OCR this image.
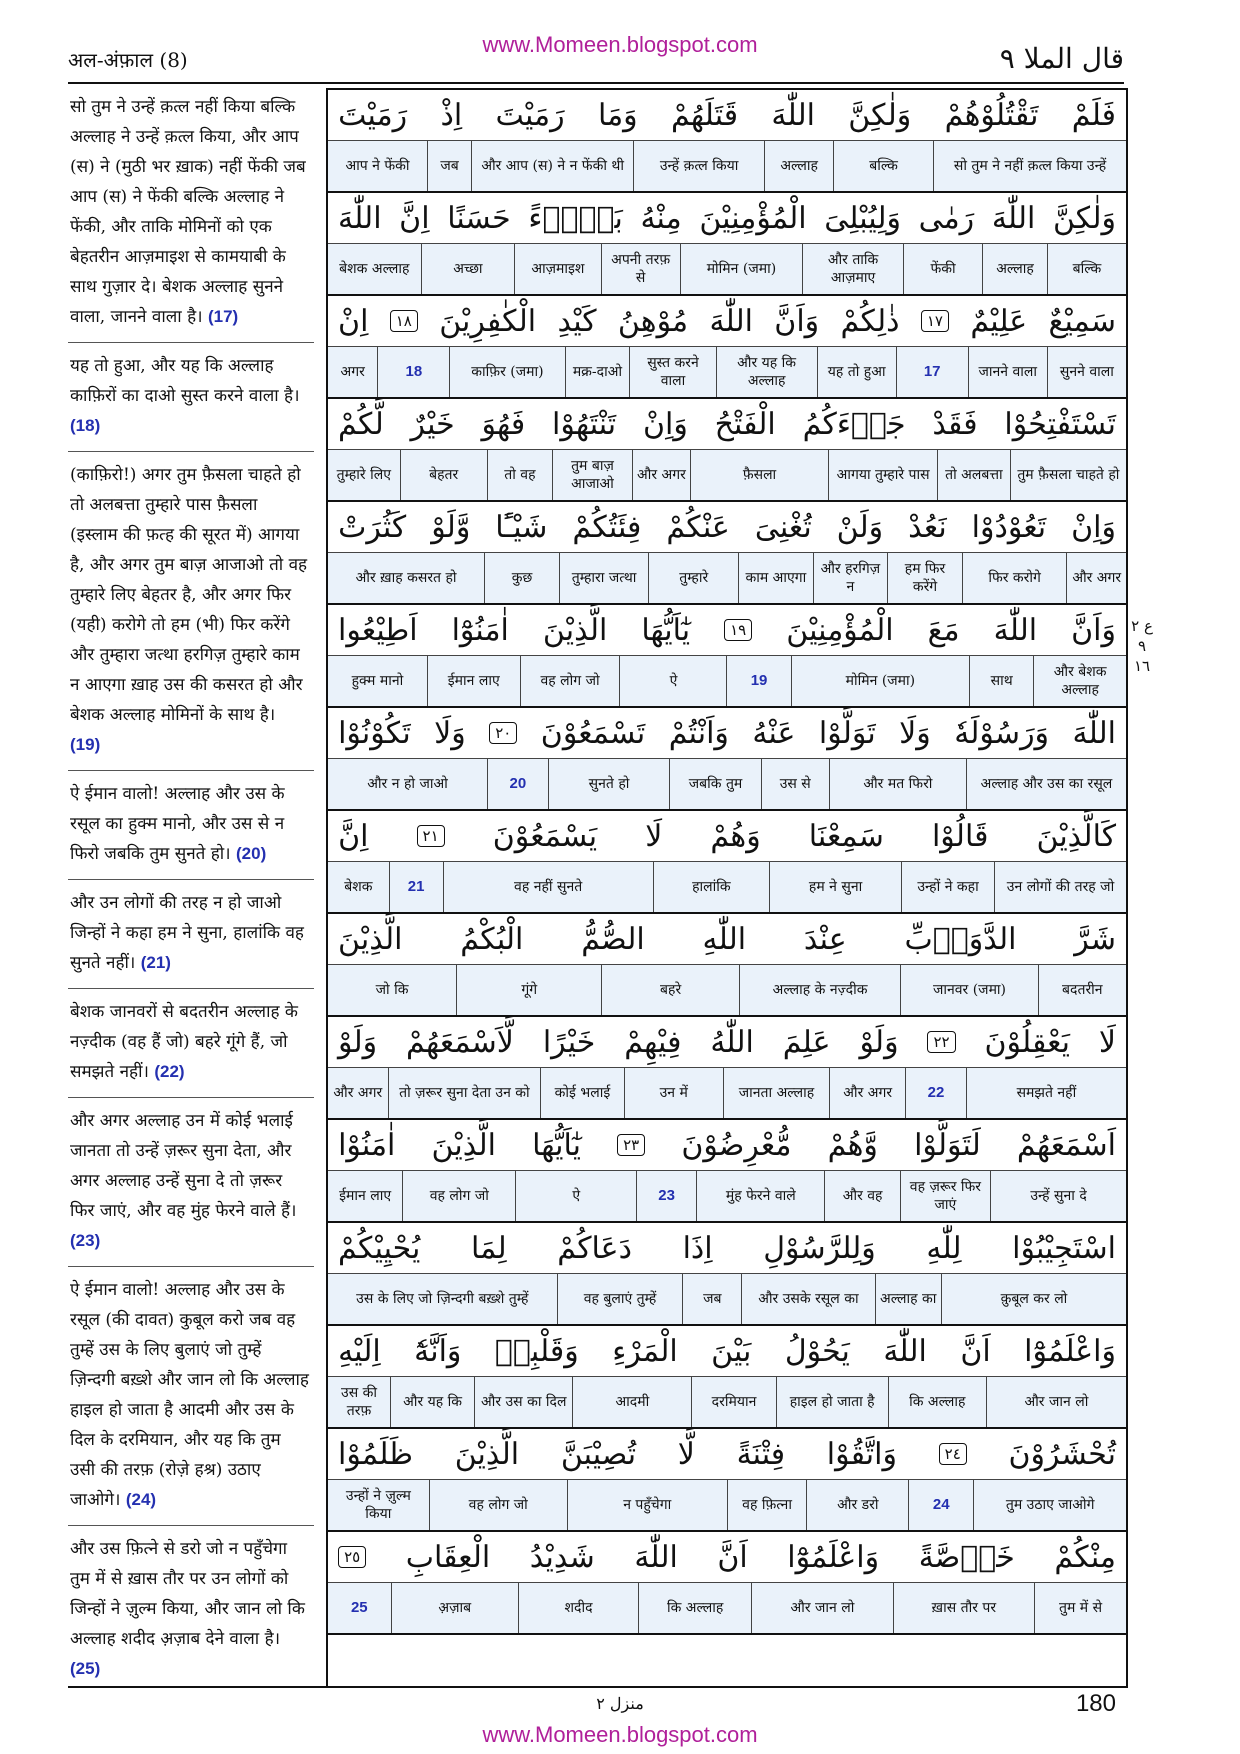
अल-अंफ़ाल (8)
www.Momeen.blogspot.com	قال الملا ٩

सो तुम ने उन्हें क़त्ल नहीं किया बल्कि अल्लाह ने उन्हें क़त्ल किया, और आप (स) ने (मुठी भर ख़ाक) नहीं फेंकी जब आप (स) ने फेंकी बल्कि अल्लाह ने फेंकी, और ताकि मोमिनों को एक बेहतरीन आज़माइश से कामयाबी के साथ गुज़ार दे। बेशक अल्लाह सुनने वाला, जानने वाला है। (17)

यह तो हुआ, और यह कि अल्लाह काफ़िरों का दाओ सुस्त करने वाला है। (18)

(काफ़िरो!) अगर तुम फ़ैसला चाहते हो तो अलबत्ता तुम्हारे पास फ़ैसला (इस्लाम की फ़त्ह की सूरत में) आगया है, और अगर तुम बाज़ आजाओ तो वह तुम्हारे लिए बेहतर है, और अगर फिर (यही) करोगे तो हम (भी) फिर करेंगे और तुम्हारा जत्था हरगिज़ तुम्हारे काम न आएगा ख़ाह उस की कसरत हो और बेशक अल्लाह मोमिनों के साथ है। (19)

ऐ ईमान वालो! अल्लाह और उस के रसूल का हुक्म मानो, और उस से न फिरो जबकि तुम सुनते हो। (20)

और उन लोगों की तरह न हो जाओ जिन्हों ने कहा हम ने सुना, हालांकि वह सुनते नहीं। (21)

बेशक जानवरों से बदतरीन अल्लाह के नज़्दीक (वह हैं जो) बहरे गूंगे हैं, जो समझते नहीं। (22)

और अगर अल्लाह उन में कोई भलाई जानता तो उन्हें ज़रूर सुना देता, और अगर अल्लाह उन्हें सुना दे तो ज़रूर फिर जाएं, और वह मुंह फेरने वाले हैं। (23)

ऐ ईमान वालो! अल्लाह और उस के रसूल (की दावत) कुबूल करो जब वह तुम्हें उस के लिए बुलाएं जो तुम्हें ज़िन्दगी बख़्शे और जान लो कि अल्लाह हाइल हो जाता है आदमी और उस के दिल के दरमियान, और यह कि तुम उसी की तरफ़ (रोज़े हश्र) उठाए जाओगे। (24)

और उस फ़ित्ने से डरो जो न पहुँचेगा तुम में से ख़ास तौर पर उन लोगों को जिन्हों ने ज़ुल्म किया, और जान लो कि अल्लाह शदीद अ़ज़ाब देने वाला है। (25)

فَلَمْ
تَقْتُلُوْهُمْ
وَلٰكِنَّ
اللّٰهَ
قَتَلَهُمْ
وَمَا
رَمَيْتَ
اِذْ
رَمَيْتَ
सो तुम ने नहीं क़त्ल किया उन्हें
बल्कि
अल्लाह
उन्हें क़त्ल किया
और आप (स) ने न फेंकी थी
जब
आप ने फेंकी
وَلٰكِنَّ
اللّٰهَ
رَمٰى
وَلِيُبْلِىَ
الْمُؤْمِنِيْنَ
مِنْهُ
بَلَاۗءً
حَسَنًا
اِنَّ
اللّٰهَ
बल्कि
अल्लाह
फेंकी
और ताकि आज़माए
मोमिन (जमा)
अपनी तरफ़ से
आज़माइश
अच्छा
बेशक अल्लाह
سَمِيْعٌ
عَلِيْمٌ
١٧
ذٰلِكُمْ
وَاَنَّ
اللّٰهَ
مُوْهِنُ
كَيْدِ
الْكٰفِرِيْنَ
١٨
اِنْ
सुनने वाला
जानने वाला
17
यह तो हुआ
और यह कि अल्लाह
सुस्त करने वाला
मक्र-दाओ
काफ़िर (जमा)
18
अगर
تَسْتَفْتِحُوْا
فَقَدْ
جَاۗءَكُمُ
الْفَتْحُ
وَاِنْ
تَنْتَهُوْا
فَهُوَ
خَيْرٌ
لَّكُمْ
तुम फ़ैसला चाहते हो
तो अलबत्ता
आगया तुम्हारे पास
फ़ैसला
और अगर
तुम बाज़ आजाओ
तो वह
बेहतर
तुम्हारे लिए
وَاِنْ
تَعُوْدُوْا
نَعُدْ
وَلَنْ
تُغْنِىَ
عَنْكُمْ
فِئَتُكُمْ
شَيْـًٔا
وَّلَوْ
كَثُرَتْ
और अगर
फिर करोगे
हम फिर करेंगे
और हरगिज़ न
काम आएगा
तुम्हारे
तुम्हारा जत्था
कुछ
और ख़ाह कसरत हो
وَاَنَّ
اللّٰهَ
مَعَ
الْمُؤْمِنِيْنَ
١٩
يٰٓاَيُّهَا
الَّذِيْنَ
اٰمَنُوْٓا
اَطِيْعُوا
और बेशक अल्लाह
साथ
मोमिन (जमा)
19
ऐ
वह लोग जो
ईमान लाए
हुक्म मानो
اللّٰهَ
وَرَسُوْلَهٗ
وَلَا
تَوَلَّوْا
عَنْهُ
وَاَنْتُمْ
تَسْمَعُوْنَ
٢٠
وَلَا
تَكُوْنُوْا
अल्लाह और उस का रसूल
और मत फिरो
उस से
जबकि तुम
सुनते हो
20
और न हो जाओ
كَالَّذِيْنَ
قَالُوْا
سَمِعْنَا
وَهُمْ
لَا
يَسْمَعُوْنَ
٢١
اِنَّ
उन लोगों की तरह जो
उन्हों ने कहा
हम ने सुना
हालांकि
वह नहीं सुनते
21
बेशक
شَرَّ
الدَّوَاۗبِّ
عِنْدَ
اللّٰهِ
الصُّمُّ
الْبُكْمُ
الَّذِيْنَ
बदतरीन
जानवर (जमा)
अल्लाह के नज़्दीक
बहरे
गूंगे
जो कि
لَا
يَعْقِلُوْنَ
٢٢
وَلَوْ
عَلِمَ
اللّٰهُ
فِيْهِمْ
خَيْرًا
لَّاَسْمَعَهُمْ
وَلَوْ
समझते नहीं
22
और अगर
जानता अल्लाह
उन में
कोई भलाई
तो ज़रूर सुना देता उन को
और अगर
اَسْمَعَهُمْ
لَتَوَلَّوْا
وَّهُمْ
مُّعْرِضُوْنَ
٢٣
يٰٓاَيُّهَا
الَّذِيْنَ
اٰمَنُوْا
उन्हें सुना दे
वह ज़रूर फिर जाएं
और वह
मुंह फेरने वाले
23
ऐ
वह लोग जो
ईमान लाए
اسْتَجِيْبُوْا
لِلّٰهِ
وَلِلرَّسُوْلِ
اِذَا
دَعَاكُمْ
لِمَا
يُحْيِيْكُمْ
क़ुबूल कर लो
अल्लाह का
और उसके रसूल का
जब
वह बुलाएं तुम्हें
उस के लिए जो ज़िन्दगी बख़्शे तुम्हें
وَاعْلَمُوْٓا
اَنَّ
اللّٰهَ
يَحُوْلُ
بَيْنَ
الْمَرْءِ
وَقَلْبِهٖ
وَاَنَّهٗٓ
اِلَيْهِ
और जान लो
कि अल्लाह
हाइल हो जाता है
दरमियान
आदमी
और उस का दिल
और यह कि
उस की तरफ़
تُحْشَرُوْنَ
٢٤
وَاتَّقُوْا
فِتْنَةً
لَّا
تُصِيْبَنَّ
الَّذِيْنَ
ظَلَمُوْا
तुम उठाए जाओगे
24
और डरो
वह फ़ित्ना
न पहुँचेगा
वह लोग जो
उन्हों ने ज़ुल्म किया
مِنْكُمْ
خَاۗصَّةً
وَاعْلَمُوْٓا
اَنَّ
اللّٰهَ
شَدِيْدُ
الْعِقَابِ
٢٥
तुम में से
ख़ास तौर पर
और जान लो
कि अल्लाह
शदीद
अ़ज़ाब
25
ع ٢ ٩ ١٦
منزل ٢	180
www.Momeen.blogspot.com
